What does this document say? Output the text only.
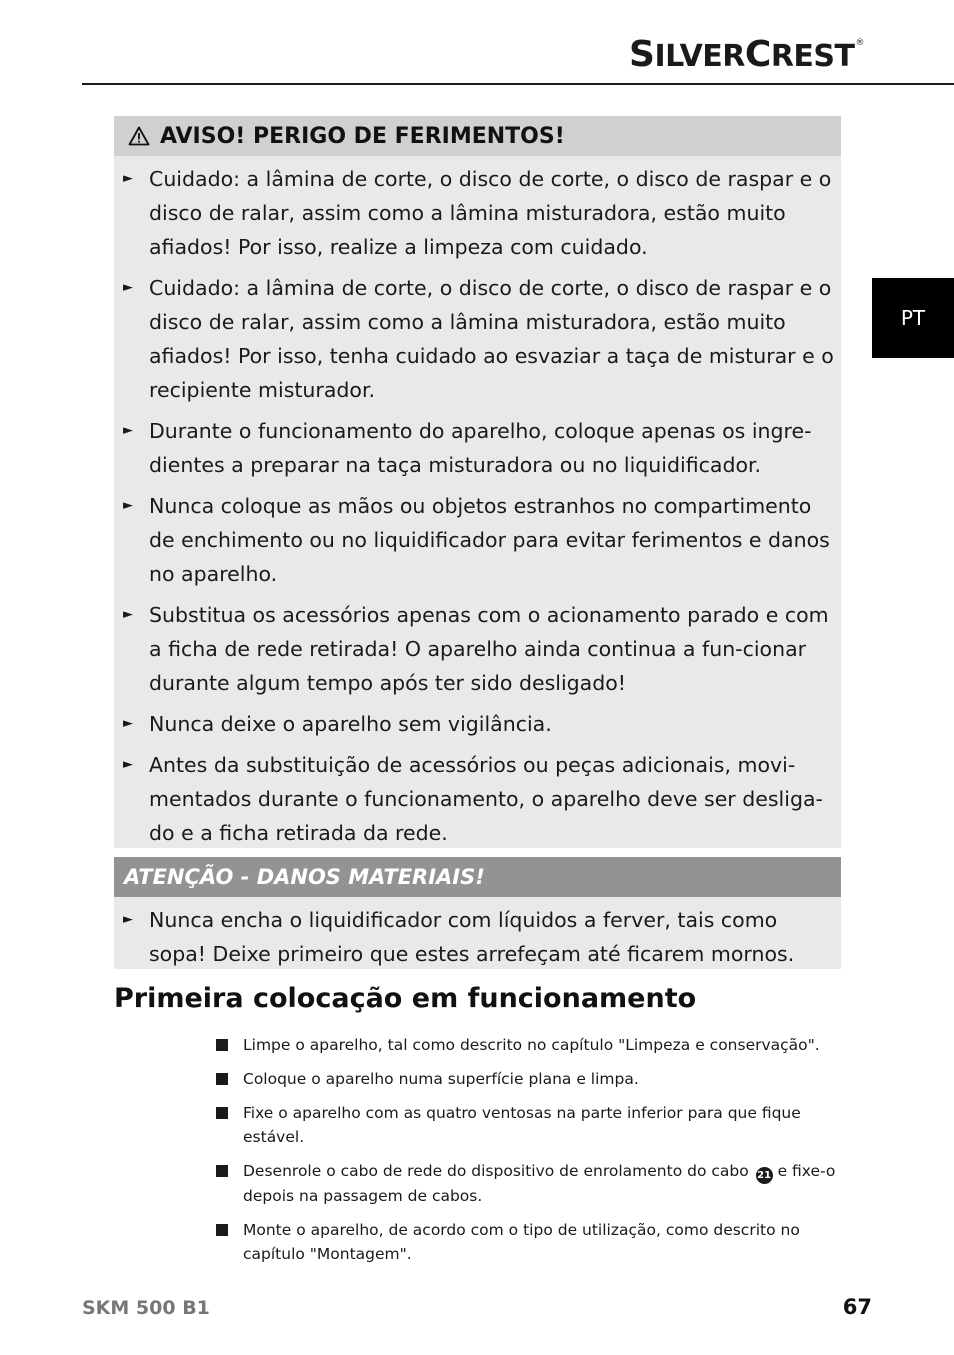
SILVERCREST®
PT
AVISO! PERIGO DE FERIMENTOS!
► Cuidado: a lâmina de corte, o disco de corte, o disco de raspar e o disco de ralar, assim como a lâmina misturadora, estão muito afiados! Por isso, realize a limpeza com cuidado.
► Cuidado: a lâmina de corte, o disco de corte, o disco de raspar e o disco de ralar, assim como a lâmina misturadora, estão muito afiados! Por isso, tenha cuidado ao esvaziar a taça de misturar e o recipiente misturador.
► Durante o funcionamento do aparelho, coloque apenas os ingre-dientes a preparar na taça misturadora ou no liquidificador.
► Nunca coloque as mãos ou objetos estranhos no compartimento de enchimento ou no liquidificador para evitar ferimentos e danos no aparelho.
► Substitua os acessórios apenas com o acionamento parado e com a ficha de rede retirada! O aparelho ainda continua a fun-cionar durante algum tempo após ter sido desligado!
► Nunca deixe o aparelho sem vigilância.
► Antes da substituição de acessórios ou peças adicionais, movi-mentados durante o funcionamento, o aparelho deve ser desliga-do e a ficha retirada da rede.
ATENÇÃO - DANOS MATERIAIS!
► Nunca encha o liquidificador com líquidos a ferver, tais como sopa! Deixe primeiro que estes arrefeçam até ficarem mornos.
Primeira colocação em funcionamento
Limpe o aparelho, tal como descrito no capítulo "Limpeza e conservação".
Coloque o aparelho numa superfície plana e limpa.
Fixe o aparelho com as quatro ventosas na parte inferior para que fique estável.
Desenrole o cabo de rede do dispositivo de enrolamento do cabo 21 e fixe-o depois na passagem de cabos.
Monte o aparelho, de acordo com o tipo de utilização, como descrito no capítulo "Montagem".
SKM 500 B1	67
